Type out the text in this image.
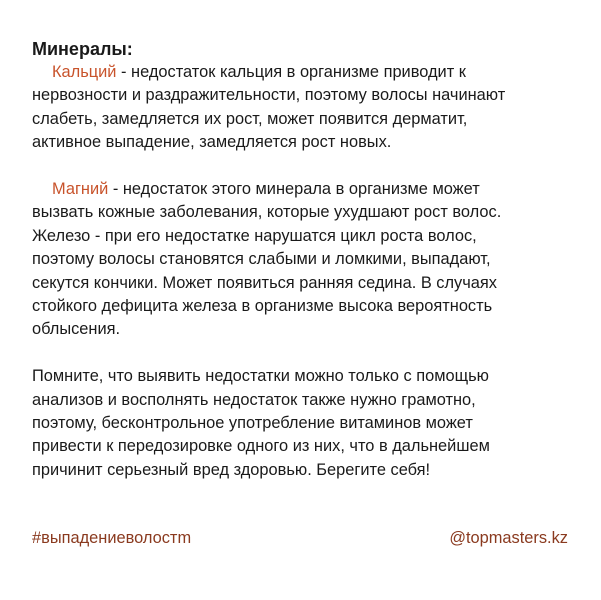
Минералы:

Кальций - недостаток кальция в организме приводит к
нервозности и раздражительности, поэтому волосы начинают
слабеть, замедляется их рост, может появится дерматит,
активное выпадение, замедляется рост новых.

Магний - недостаток этого минерала в организме может
вызвать кожные заболевания, которые ухудшают рост волос.
Железо - при его недостатке нарушатся цикл роста волос,
поэтому волосы становятся слабыми и ломкими, выпадают,
секутся кончики. Может появиться ранняя седина. В случаях
стойкого дефицита железа в организме высока вероятность
облысения.

Помните, что выявить недостатки можно только с помощью
анализов и восполнять недостаток также нужно грамотно,
поэтому, бесконтрольное употребление витаминов может
привести к передозировке одного из них, что в дальнейшем
причинит серьезный вред здоровью. Берегите себя!

#выпадениеволостm	@topmasters.kz
